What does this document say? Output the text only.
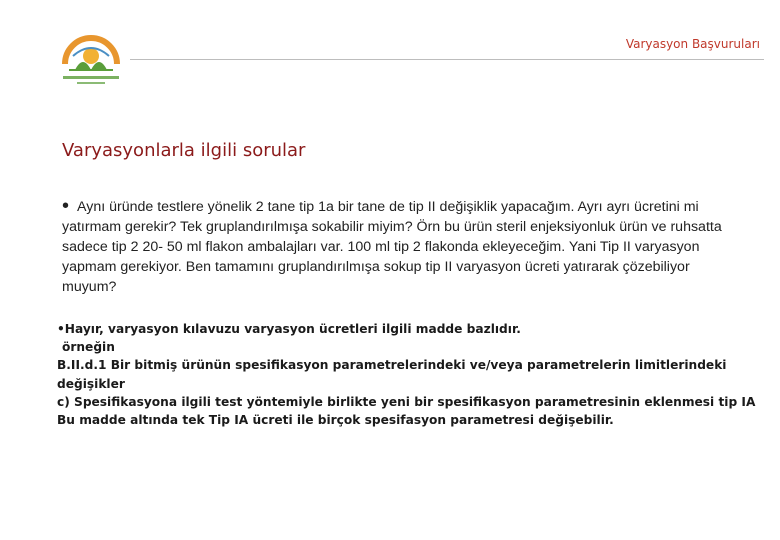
Varyasyon Başvuruları
Varyasyonlarla ilgili sorular
• Aynı üründe testlere yönelik 2 tane tip 1a bir tane de tip II değişiklik yapacağım. Ayrı ayrı ücretini mi yatırmam gerekir? Tek gruplandırılmışa sokabilir miyim? Örn bu ürün steril enjeksiyonluk ürün ve ruhsatta sadece tip 2 20- 50 ml flakon ambalajları var. 100 ml tip 2 flakonda ekleyeceğim. Yani Tip II varyasyon yapmam gerekiyor. Ben tamamını gruplandırılmışa sokup tip II varyasyon ücreti yatırarak çözebiliyor muyum?
•Hayır, varyasyon kılavuzu varyasyon ücretleri ilgili madde bazlıdır.
örneğin
B.II.d.1 Bir bitmiş ürünün spesifikasyon parametrelerindeki ve/veya parametrelerin limitlerindeki değişikler
c) Spesifikasyona ilgili test yöntemiyle birlikte yeni bir spesifikasyon parametresinin eklenmesi tip IA
Bu madde altında tek Tip IA ücreti ile birçok spesifasyon parametresi değişebilir.
